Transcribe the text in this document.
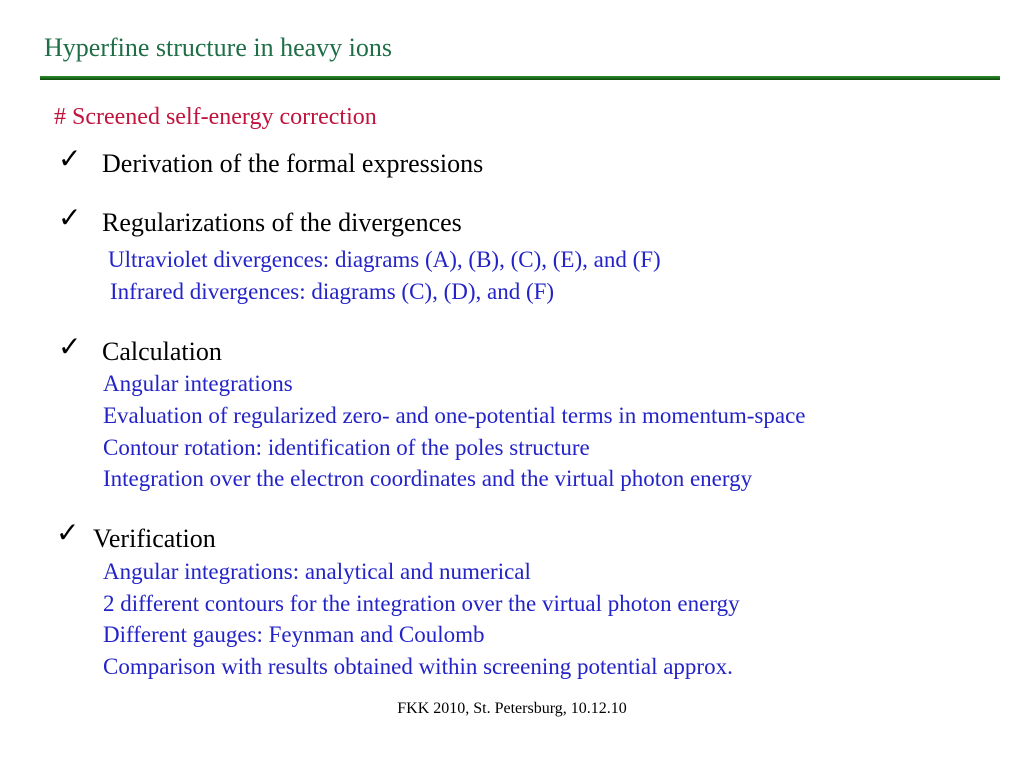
Hyperfine structure in heavy ions
# Screened self-energy correction
✓ Derivation of the formal expressions
✓ Regularizations of the divergences
Ultraviolet divergences: diagrams (A), (B), (C), (E), and (F)
Infrared divergences: diagrams (C), (D), and (F)
✓ Calculation
Angular integrations
Evaluation of regularized zero- and one-potential terms in momentum-space
Contour rotation: identification of the poles structure
Integration over the electron coordinates and the virtual photon energy
✓ Verification
Angular integrations: analytical and numerical
2 different contours for the integration over the virtual photon energy
Different gauges: Feynman and Coulomb
Comparison with results obtained within screening potential approx.
FKK 2010, St. Petersburg, 10.12.10
